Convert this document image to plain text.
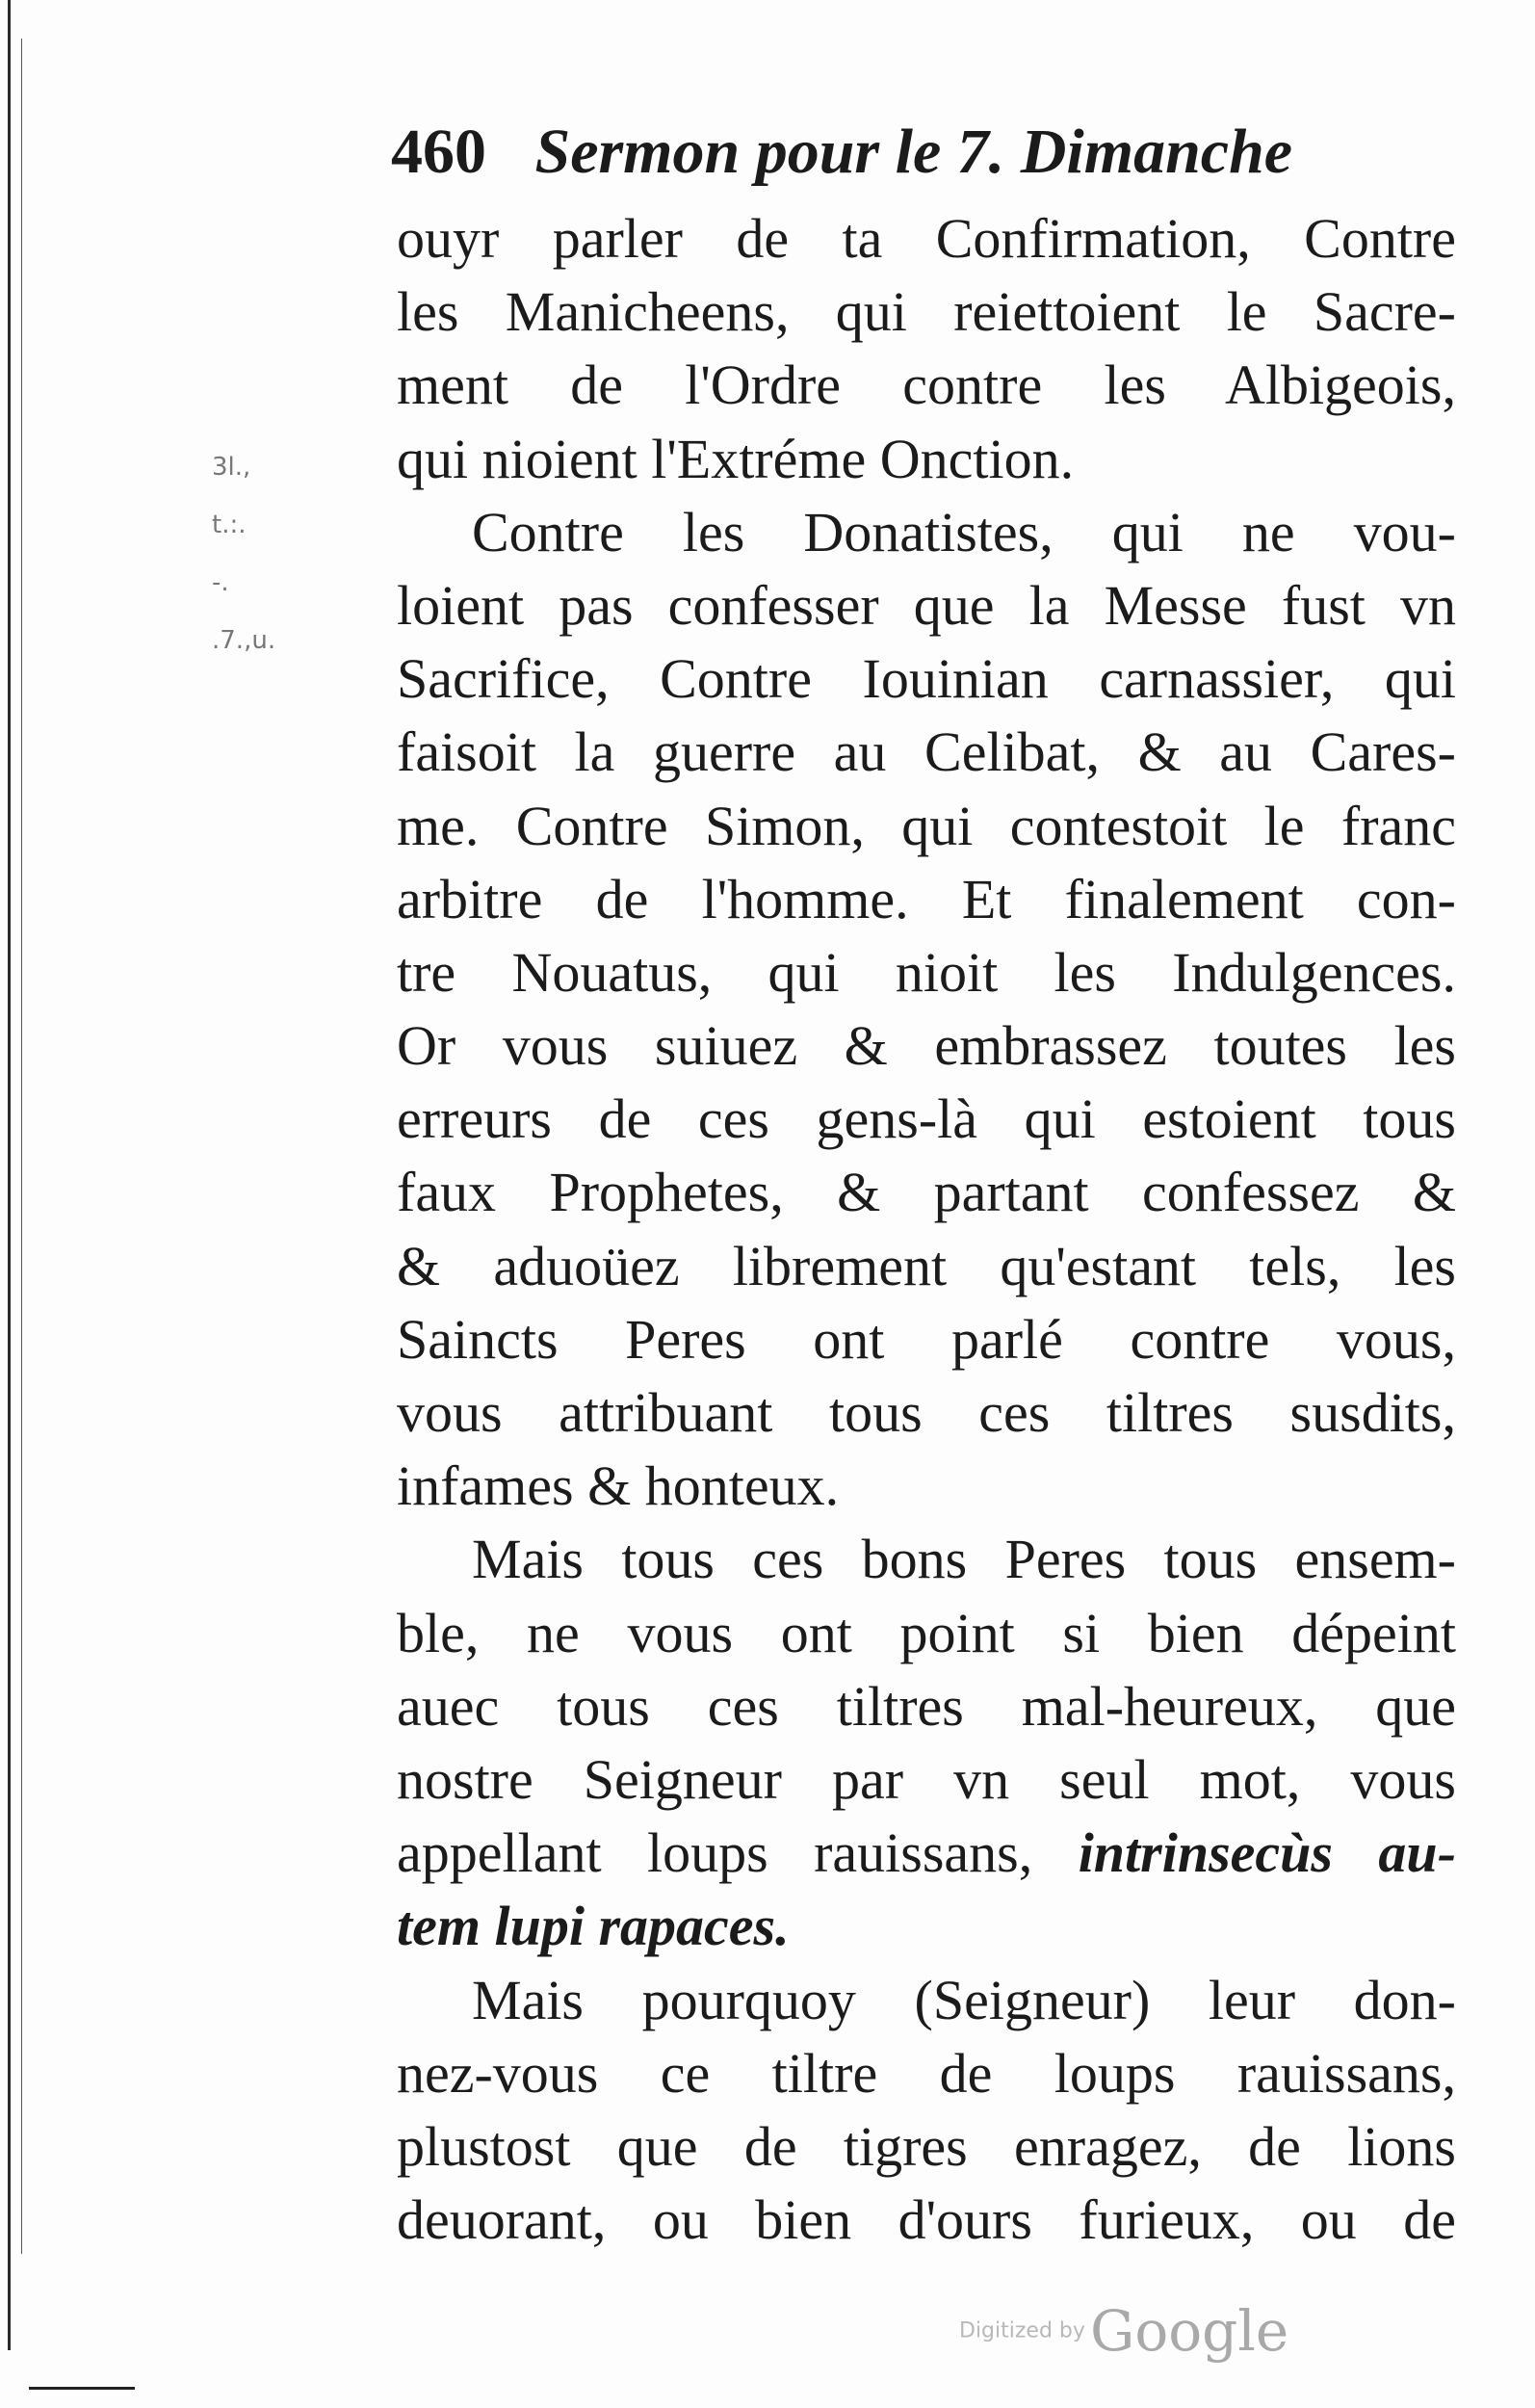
460 Sermon pour le 7. Dimanche
3l.,
t.:.
-.
.7.,u.
ouyr parler de ta Confirmation, Contre
les Manicheens, qui reiettoient le Sacre-
ment de l'Ordre contre les Albigeois,
qui nioient l'Extréme Onction.
Contre les Donatistes, qui ne vou-
loient pas confesser que la Messe fust vn
Sacrifice, Contre Iouinian carnassier, qui
faisoit la guerre au Celibat, & au Cares-
me. Contre Simon, qui contestoit le franc
arbitre de l'homme. Et finalement con-
tre Nouatus, qui nioit les Indulgences.
Or vous suiuez & embrassez toutes les
erreurs de ces gens-là qui estoient tous
faux Prophetes, & partant confessez &
& aduoüez librement qu'estant tels, les
Saincts Peres ont parlé contre vous,
vous attribuant tous ces tiltres susdits,
infames & honteux.
Mais tous ces bons Peres tous ensem-
ble, ne vous ont point si bien dépeint
auec tous ces tiltres mal-heureux, que
nostre Seigneur par vn seul mot, vous
appellant loups rauissans, intrinsecùs au-
tem lupi rapaces.
Mais pourquoy (Seigneur) leur don-
nez-vous ce tiltre de loups rauissans,
plustost que de tigres enragez, de lions
deuorant, ou bien d'ours furieux, ou de
Digitized by Google
